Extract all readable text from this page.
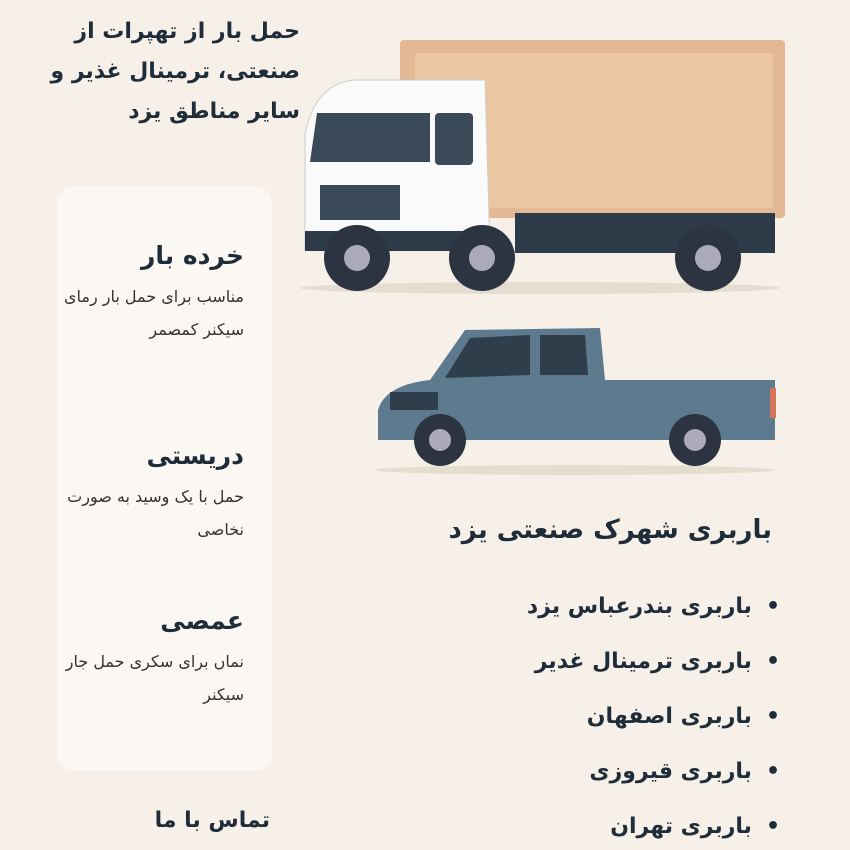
حمل بار از تهپرات از صنعتی، ترمینال غذیر و سایر مناطق یزد
خرده بار

مناسب برای حمل بار رمای سیکنر کمصمر

دریستی

حمل با یک وسید به صورت نخاصی

عمصی

نماں برای سکری حمل جار سیکنر

باربری شهرک صنعتی یزد
•باربری بندرعباس یزد
•باربری ترمینال غدیر
•باربری اصفهان
•باربری قیروزی
•باربری تهران
تماس با ما
